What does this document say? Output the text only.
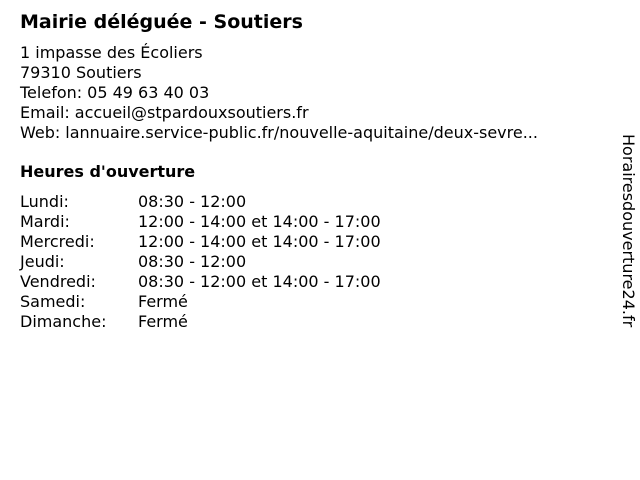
Mairie déléguée - Soutiers
1 impasse des Écoliers
79310 Soutiers
Telefon: 05 49 63 40 03
Email: accueil@stpardouxsoutiers.fr
Web: lannuaire.service-public.fr/nouvelle-aquitaine/deux-sevre...
Heures d'ouverture
Lundi:	08:30 - 12:00
Mardi:	12:00 - 14:00 et 14:00 - 17:00
Mercredi:	12:00 - 14:00 et 14:00 - 17:00
Jeudi:	08:30 - 12:00
Vendredi:	08:30 - 12:00 et 14:00 - 17:00
Samedi:	Fermé
Dimanche:	Fermé	Horairesdouverture24.fr
